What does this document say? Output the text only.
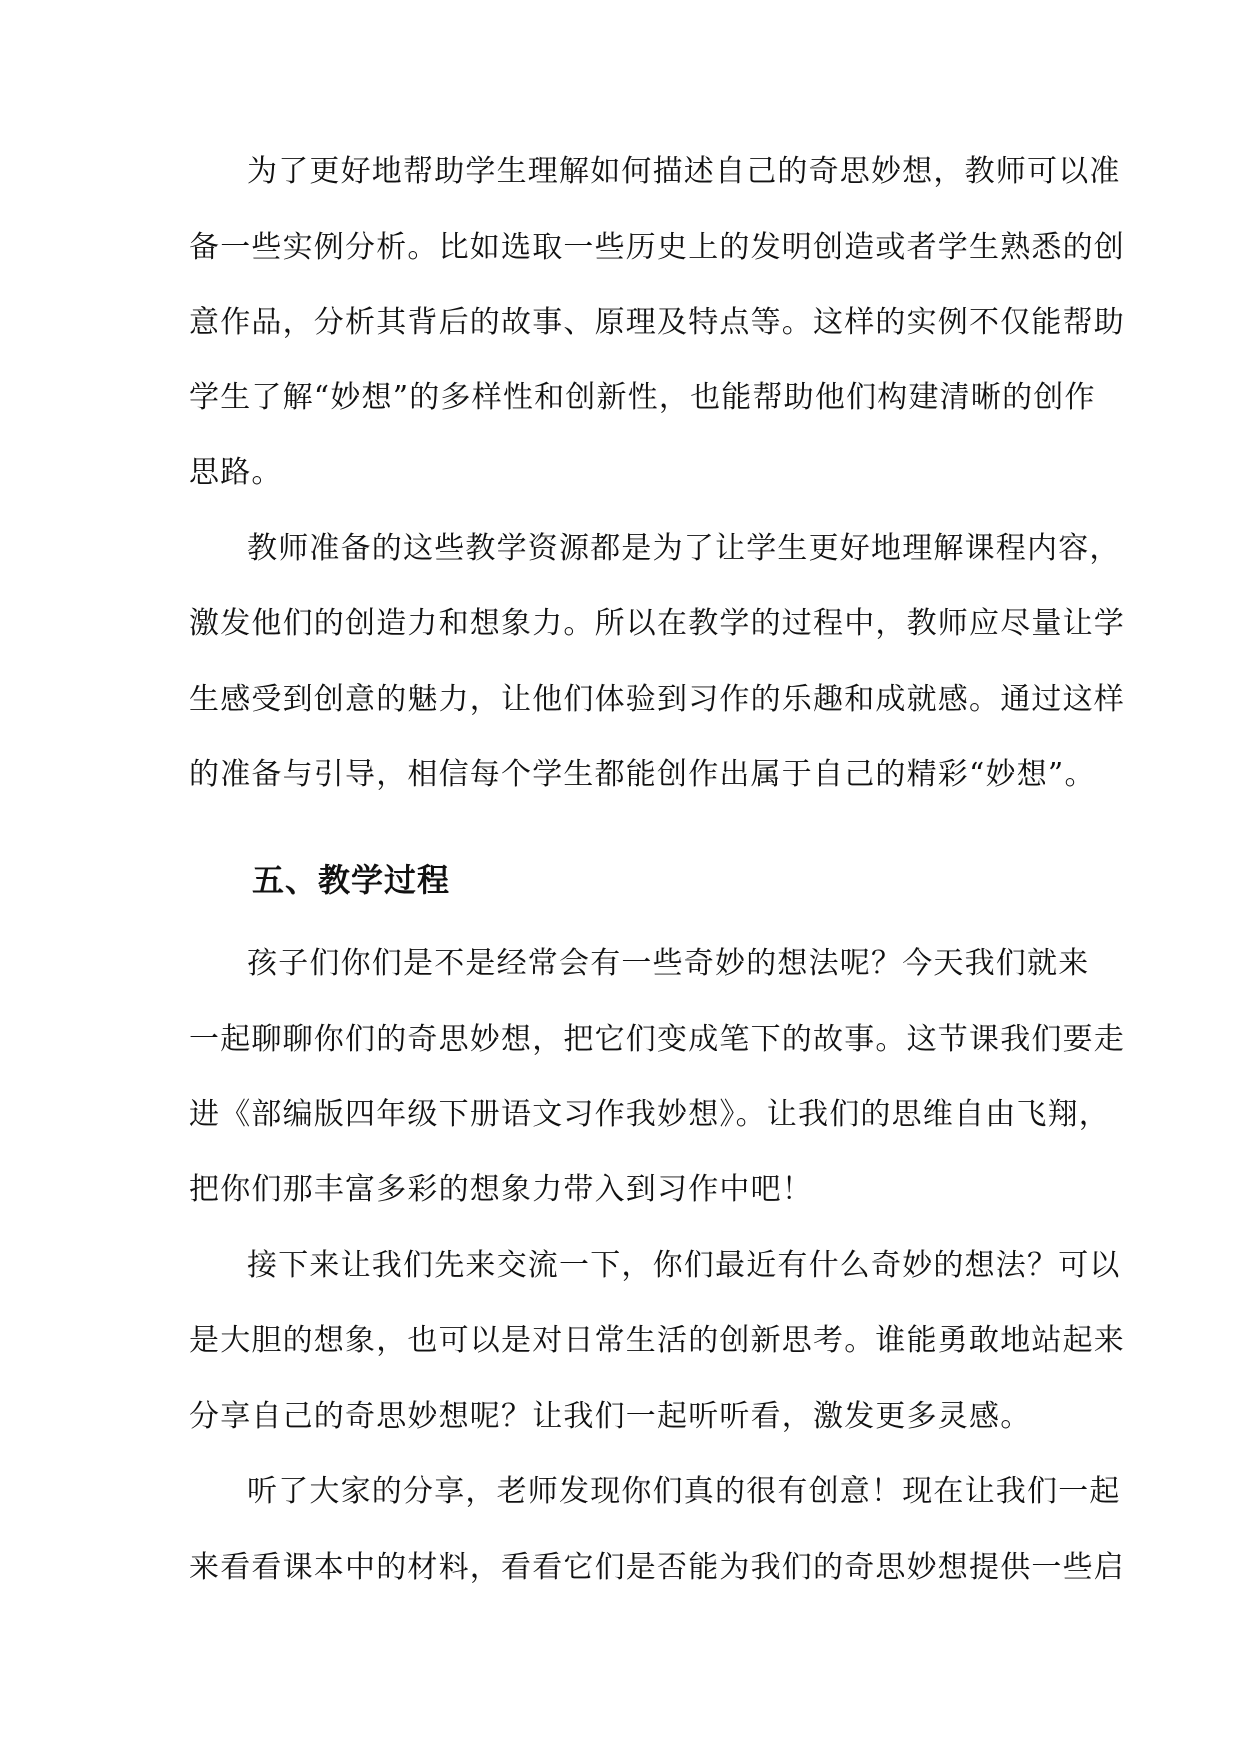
为了更好地帮助学生理解如何描述自己的奇思妙想，教师可以准
备一些实例分析。比如选取一些历史上的发明创造或者学生熟悉的创
意作品，分析其背后的故事、原理及特点等。这样的实例不仅能帮助
学生了解“妙想”的多样性和创新性，也能帮助他们构建清晰的创作
思路。
教师准备的这些教学资源都是为了让学生更好地理解课程内容，
激发他们的创造力和想象力。所以在教学的过程中，教师应尽量让学
生感受到创意的魅力，让他们体验到习作的乐趣和成就感。通过这样
的准备与引导，相信每个学生都能创作出属于自己的精彩“妙想”。
五、教学过程
孩子们你们是不是经常会有一些奇妙的想法呢？今天我们就来
一起聊聊你们的奇思妙想，把它们变成笔下的故事。这节课我们要走
进《部编版四年级下册语文习作我妙想》。让我们的思维自由飞翔，
把你们那丰富多彩的想象力带入到习作中吧！
接下来让我们先来交流一下，你们最近有什么奇妙的想法？可以
是大胆的想象，也可以是对日常生活的创新思考。谁能勇敢地站起来
分享自己的奇思妙想呢？让我们一起听听看，激发更多灵感。
听了大家的分享，老师发现你们真的很有创意！现在让我们一起
来看看课本中的材料，看看它们是否能为我们的奇思妙想提供一些启
